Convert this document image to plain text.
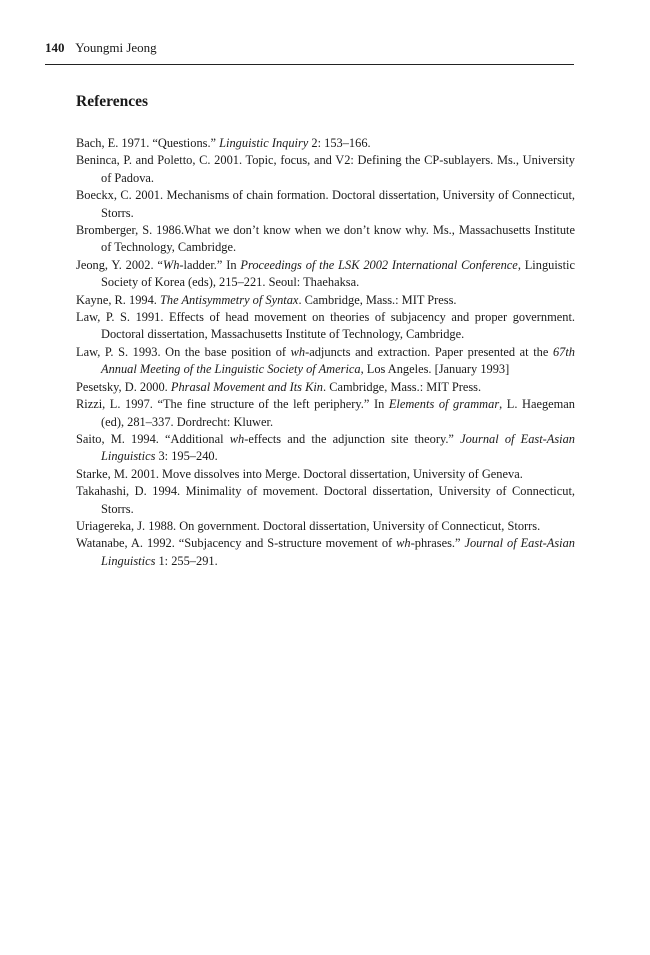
140 Youngmi Jeong
References
Bach, E. 1971. “Questions.” Linguistic Inquiry 2: 153–166.
Beninca, P. and Poletto, C. 2001. Topic, focus, and V2: Defining the CP-sublayers. Ms., University of Padova.
Boeckx, C. 2001. Mechanisms of chain formation. Doctoral dissertation, University of Connecticut, Storrs.
Bromberger, S. 1986.What we don’t know when we don’t know why. Ms., Massachusetts Institute of Technology, Cambridge.
Jeong, Y. 2002. “Wh-ladder.” In Proceedings of the LSK 2002 International Conference, Linguistic Society of Korea (eds), 215–221. Seoul: Thaehaksa.
Kayne, R. 1994. The Antisymmetry of Syntax. Cambridge, Mass.: MIT Press.
Law, P. S. 1991. Effects of head movement on theories of subjacency and proper government. Doctoral dissertation, Massachusetts Institute of Technology, Cambridge.
Law, P. S. 1993. On the base position of wh-adjuncts and extraction. Paper presented at the 67th Annual Meeting of the Linguistic Society of America, Los Angeles. [January 1993]
Pesetsky, D. 2000. Phrasal Movement and Its Kin. Cambridge, Mass.: MIT Press.
Rizzi, L. 1997. “The fine structure of the left periphery.” In Elements of grammar, L. Haegeman (ed), 281–337. Dordrecht: Kluwer.
Saito, M. 1994. “Additional wh-effects and the adjunction site theory.” Journal of East-Asian Linguistics 3: 195–240.
Starke, M. 2001. Move dissolves into Merge. Doctoral dissertation, University of Geneva.
Takahashi, D. 1994. Minimality of movement. Doctoral dissertation, University of Connecticut, Storrs.
Uriagereka, J. 1988. On government. Doctoral dissertation, University of Connecticut, Storrs.
Watanabe, A. 1992. “Subjacency and S-structure movement of wh-phrases.” Journal of East-Asian Linguistics 1: 255–291.
